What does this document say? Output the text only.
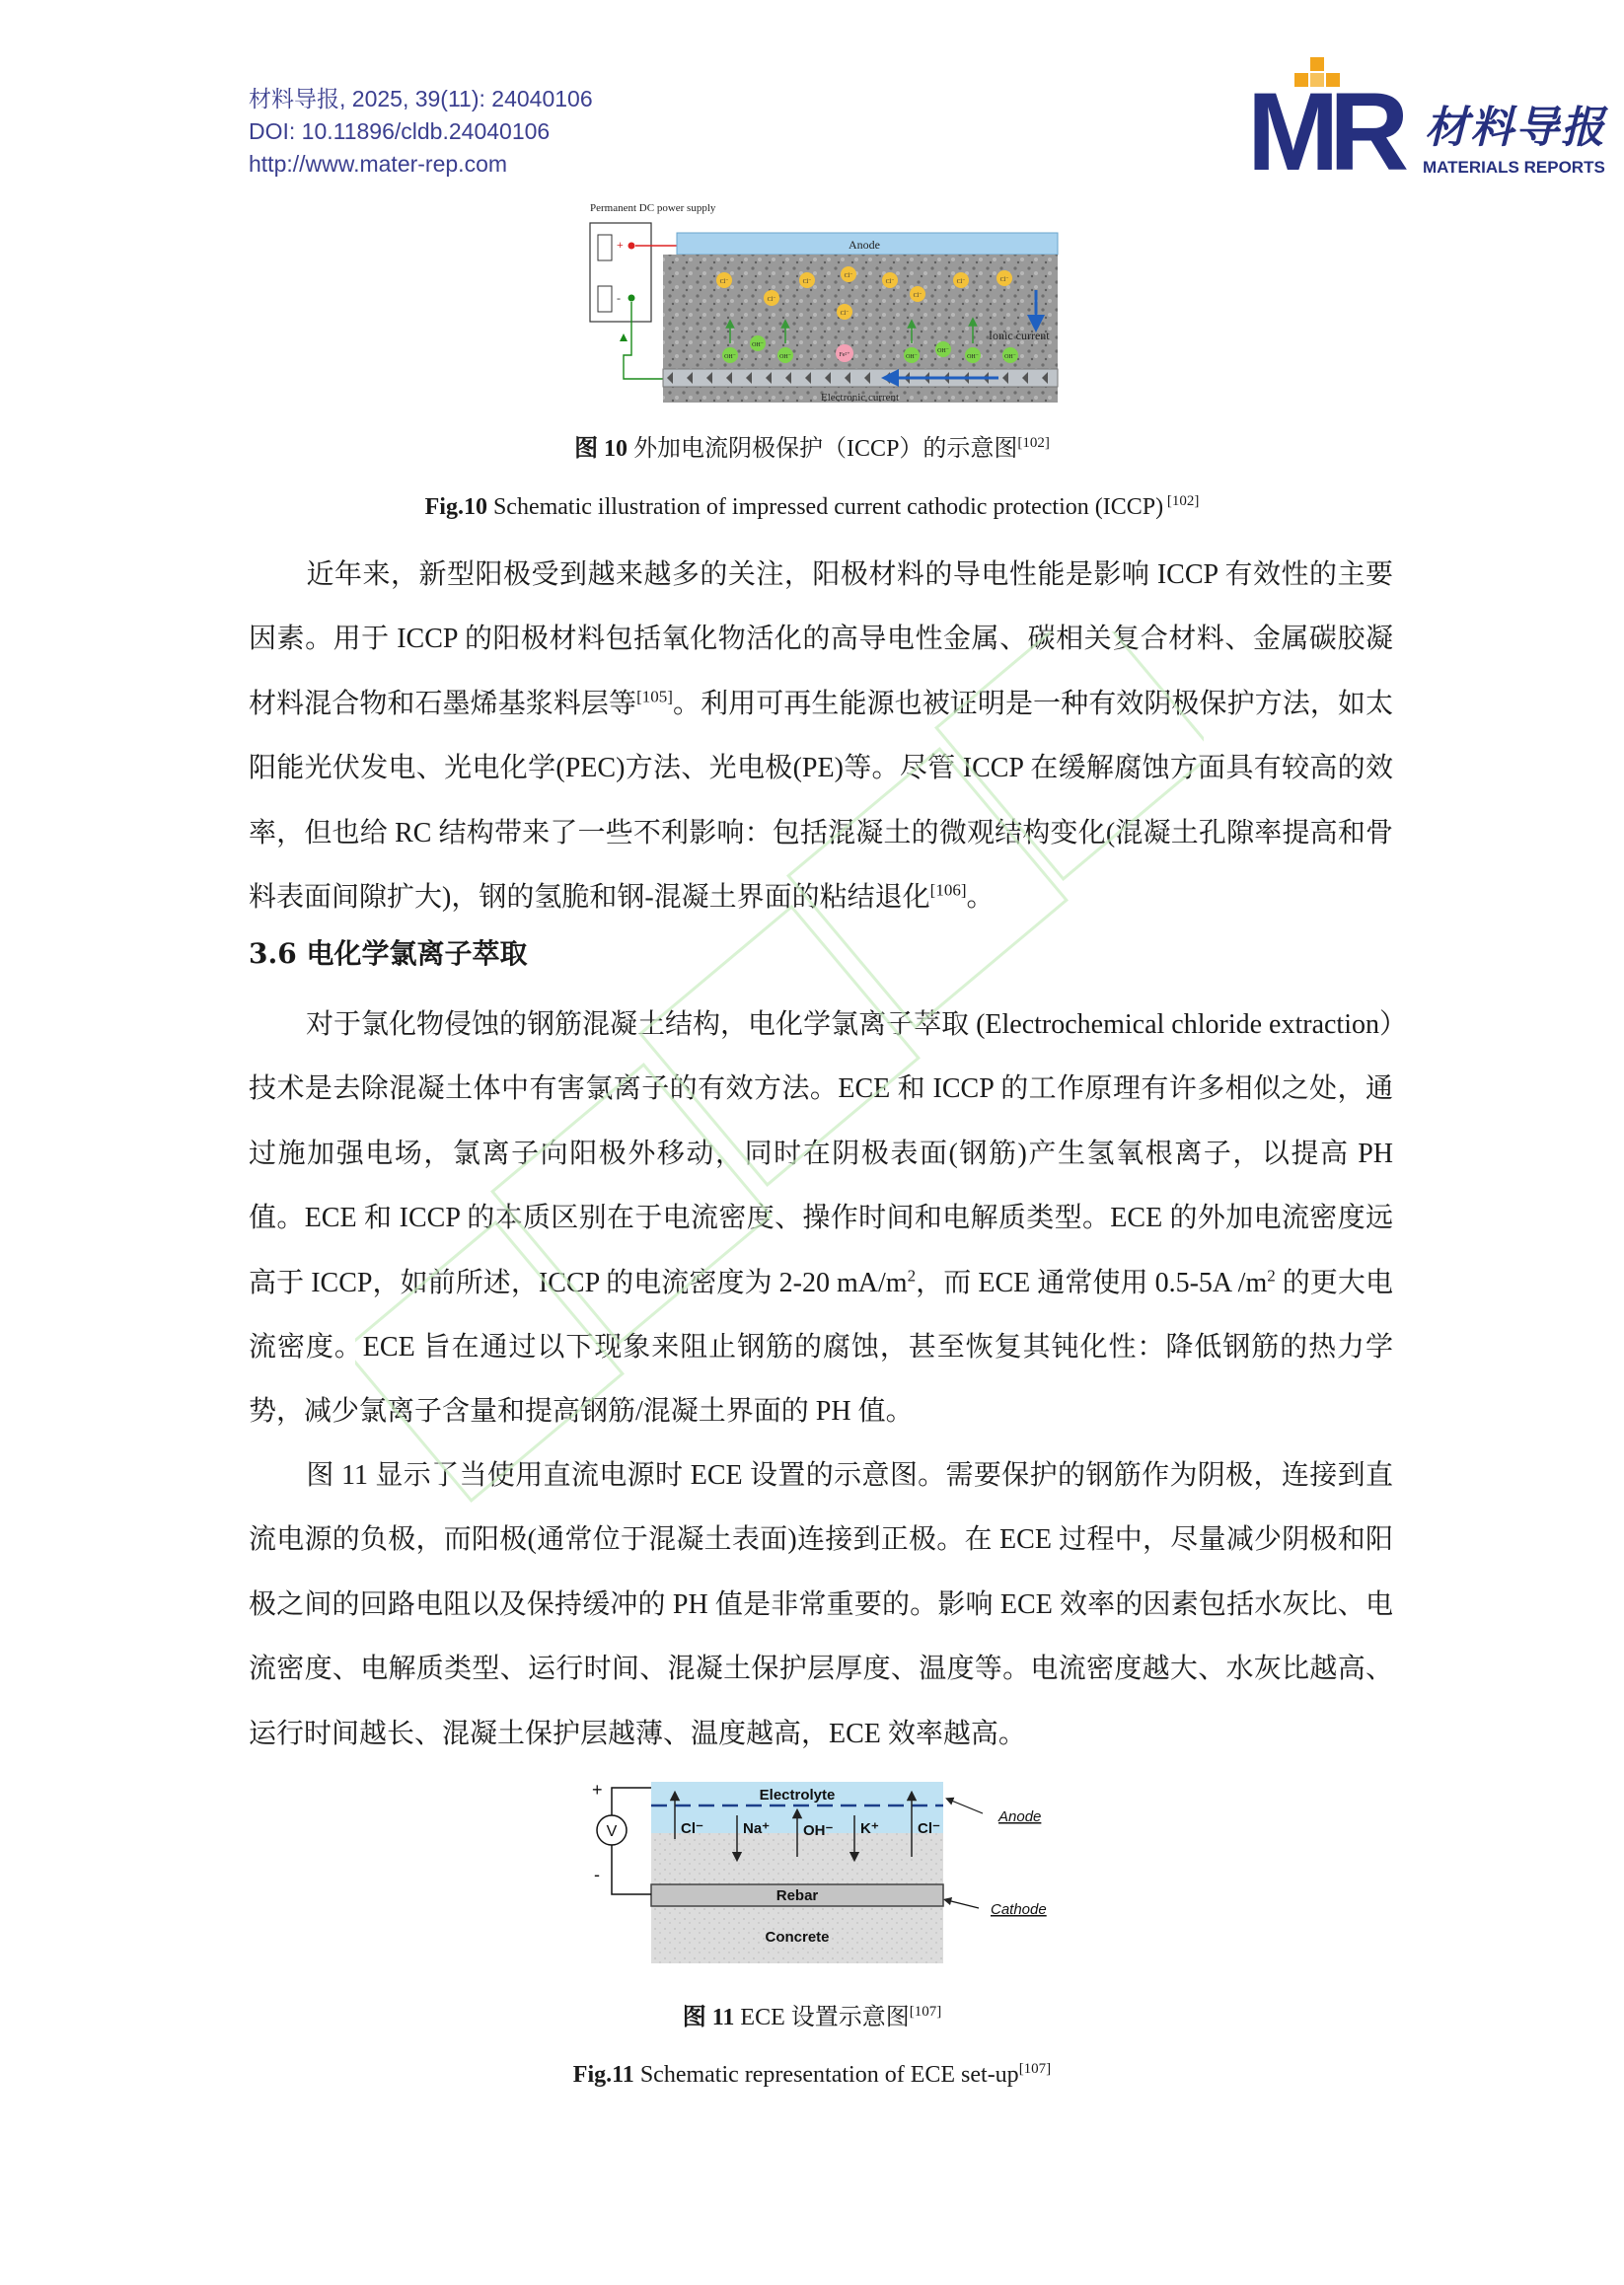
材料导报, 2025, 39(11): 24040106
DOI: 10.11896/cldb.24040106
http://www.mater-rep.com	MR 材料导报
MATERIALS REPORTS
Permanent DC power supply
+
-
Anode
Electronic current
Ionic current
Cl⁻
Cl⁻
Cl⁻
Cl⁻
Cl⁻
Cl⁻
Cl⁻
Cl⁻	Cl⁻
OH⁻
OH⁻
OH⁻	OH⁻
OH⁻
OH⁻	OH⁻
Fe²⁺
图 10 外加电流阴极保护（ICCP）的示意图[102]
Fig.10 Schematic illustration of impressed current cathodic protection (ICCP) [102]
近年来，新型阳极受到越来越多的关注，阳极材料的导电性能是影响 ICCP 有效性的主要因素。用于 ICCP 的阳极材料包括氧化物活化的高导电性金属、碳相关复合材料、金属碳胶凝材料混合物和石墨烯基浆料层等[105]。利用可再生能源也被证明是一种有效阴极保护方法，如太阳能光伏发电、光电化学(PEC)方法、光电极(PE)等。尽管 ICCP 在缓解腐蚀方面具有较高的效率，但也给 RC 结构带来了一些不利影响：包括混凝土的微观结构变化(混凝土孔隙率提高和骨料表面间隙扩大)，钢的氢脆和钢-混凝土界面的粘结退化[106]。
3.6 电化学氯离子萃取
对于氯化物侵蚀的钢筋混凝土结构，电化学氯离子萃取 (Electrochemical chloride extraction）技术是去除混凝土体中有害氯离子的有效方法。ECE 和 ICCP 的工作原理有许多相似之处，通过施加强电场，氯离子向阳极外移动，同时在阴极表面(钢筋)产生氢氧根离子，以提高 PH 值。ECE 和 ICCP 的本质区别在于电流密度、操作时间和电解质类型。ECE 的外加电流密度远高于 ICCP，如前所述，ICCP 的电流密度为 2-20 $mA/m^2$，而 ECE 通常使用 0.5-5A $/m^2$ 的更大电流密度。ECE 旨在通过以下现象来阻止钢筋的腐蚀，甚至恢复其钝化性：降低钢筋的热力学势，减少氯离子含量和提高钢筋/混凝土界面的 PH 值。
图 11 显示了当使用直流电源时 ECE 设置的示意图。需要保护的钢筋作为阴极，连接到直流电源的负极，而阳极(通常位于混凝土表面)连接到正极。在 ECE 过程中，尽量减少阴极和阳极之间的回路电阻以及保持缓冲的 PH 值是非常重要的。影响 ECE 效率的因素包括水灰比、电流密度、电解质类型、运行时间、混凝土保护层厚度、温度等。电流密度越大、水灰比越高、运行时间越长、混凝土保护层越薄、温度越高，ECE 效率越高。
Electrolyte
Rebar
Concrete
V
+
-
Cl⁻	Na⁺ OH⁻ K⁺	Cl⁻
Anode
Cathode
图 11 ECE 设置示意图[107]
Fig.11 Schematic representation of ECE set-up[107]
